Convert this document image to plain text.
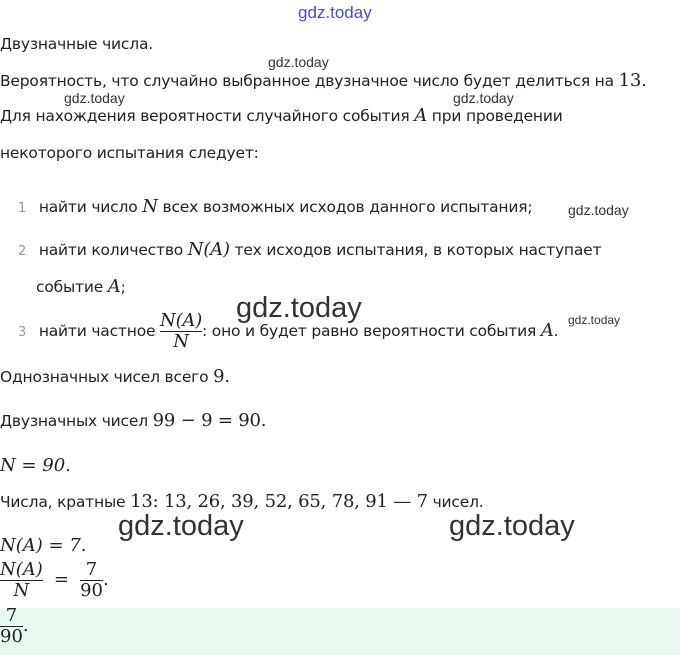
gdz.today
gdz.today
gdz.today	gdz.today
gdz.today
gdz.today	gdz.today
gdz.today	gdz.today
Двузначные числа.
Вероятность, что случайно выбранное двузначное число будет делиться на 13.
Для нахождения вероятности случайного события A при проведении
некоторого испытания следует:
1 найти число N всех возможных исходов данного испытания;
2 найти количество N(A) тех исходов испытания, в которых наступает
событие A;
3 найти частное $\frac{N(A)}{N}$ : оно и будет равно вероятности события A.
Однозначных чисел всего 9.
Двузначных чисел 99 − 9 = 90.
N = 90.
Числа, кратные 13: 13, 26, 39, 52, 65, 78, 91 — 7 чисел.
N(A) = 7.
$\frac{N(A)}{N} = \frac{7}{90}$ .
$\frac{7}{90}$ .
